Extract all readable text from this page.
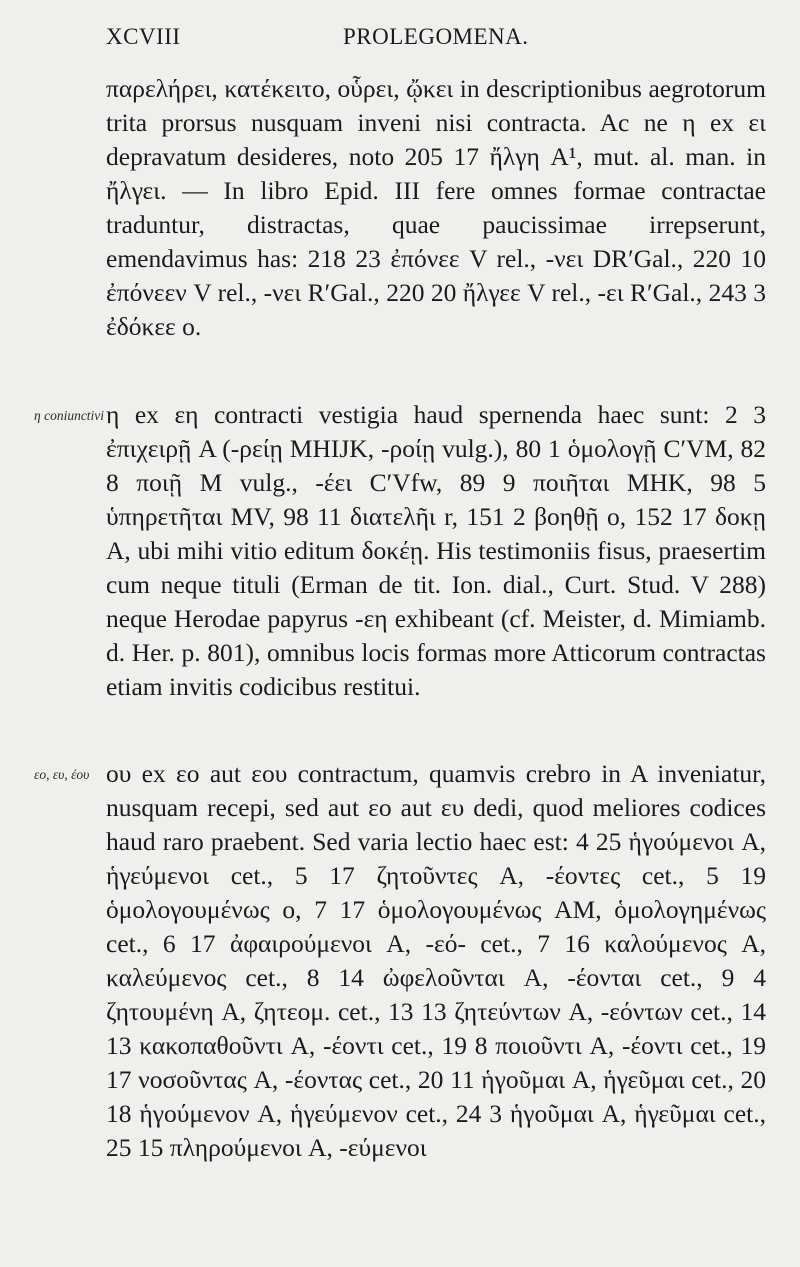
XCVIII	PROLEGOMENA.

παρελήρει, κατέκειτο, οὗρει, ᾤκει in descriptionibus aegrotorum trita prorsus nusquam inveni nisi contracta. Ac ne η ex ει depravatum desideres, noto 205 17 ἤλγη A¹, mut. al. man. in ἤλγει. — In libro Epid. III fere omnes formae contractae traduntur, distractas, quae paucissimae irrepserunt, emendavimus has: 218 23 ἐπόνεε V rel., -νει DR′Gal., 220 10 ἐπόνεεν V rel., -νει R′Gal., 220 20 ἤλγεε V rel., -ει R′Gal., 243 3 ἐδόκεε o.

η coniunctivi η ex εη contracti vestigia haud spernenda haec sunt: 2 3 ἐπιχειρῇ A (-ρείῃ MHIJK, -ροίῃ vulg.), 80 1 ὁμολογῇ C′VM, 82 8 ποιῇ M vulg., -έει C′Vfw, 89 9 ποιῆται MHK, 98 5 ὑπηρετῆται MV, 98 11 διατελῆι r, 151 2 βοηθῇ o, 152 17 δοκῃ A, ubi mihi vitio editum δοκέῃ. His testimoniis fisus, praesertim cum neque tituli (Erman de tit. Ion. dial., Curt. Stud. V 288) neque Herodae papyrus -εη exhibeant (cf. Meister, d. Mimiamb. d. Her. p. 801), omnibus locis formas more Atticorum contractas etiam invitis codicibus restitui.

εο, ευ, έου ου ex εο aut εου contractum, quamvis crebro in A inveniatur, nusquam recepi, sed aut εο aut ευ dedi, quod meliores codices haud raro praebent. Sed varia lectio haec est: 4 25 ἡγούμενοι A, ἡγεύμενοι cet., 5 17 ζητοῦντες A, -έοντες cet., 5 19 ὁμολογουμένως o, 7 17 ὁμολογουμένως AM, ὁμολογημένως cet., 6 17 ἀφαιρούμενοι A, -εό- cet., 7 16 καλούμενος A, καλεύμενος cet., 8 14 ὠφελοῦνται A, -έονται cet., 9 4 ζητουμένη A, ζητεομ. cet., 13 13 ζητεύντων A, -εόντων cet., 14 13 κακοπαθοῦντι A, -έοντι cet., 19 8 ποιοῦντι A, -έοντι cet., 19 17 νοσοῦντας A, -έοντας cet., 20 11 ἡγοῦμαι A, ἡγεῦμαι cet., 20 18 ἡγούμενον A, ἡγεύμενον cet., 24 3 ἡγοῦμαι A, ἡγεῦμαι cet., 25 15 πληρούμενοι A, -εύμενοι
